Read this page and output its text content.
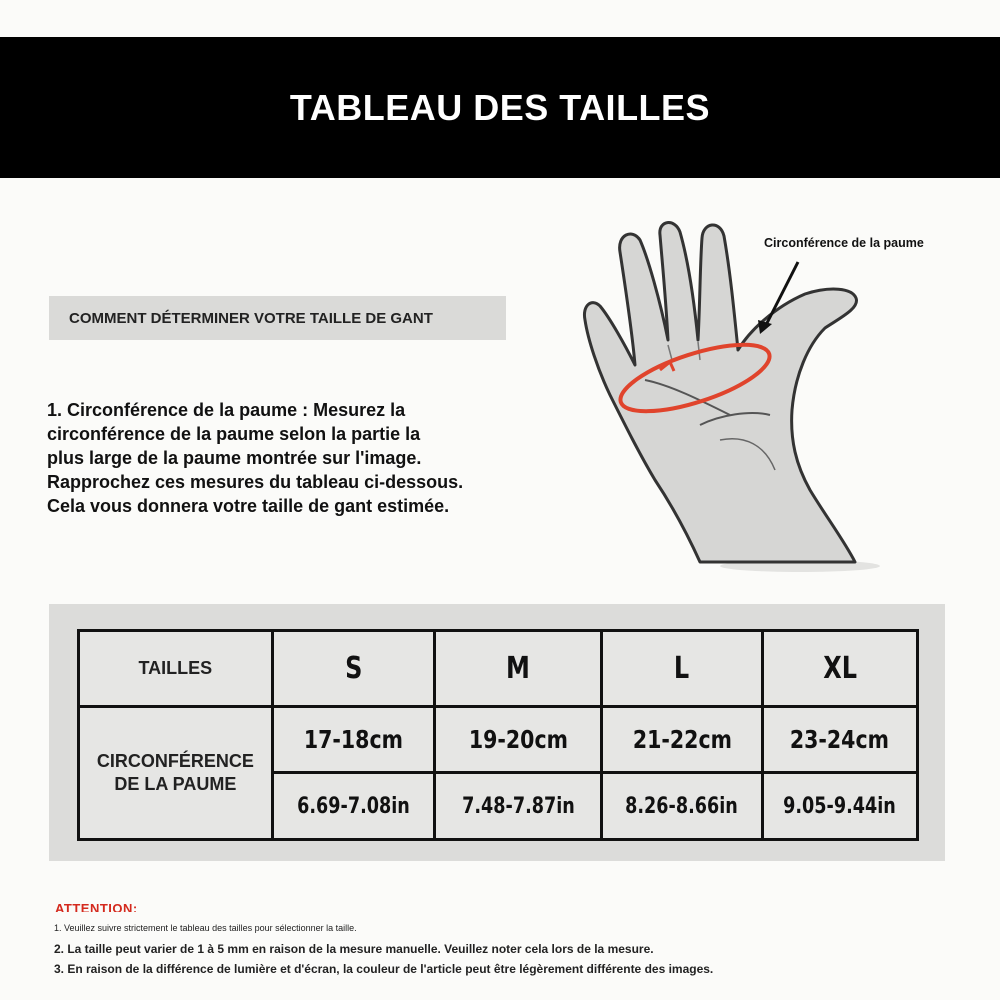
TABLEAU DES TAILLES
COMMENT DÉTERMINER VOTRE TAILLE DE GANT
1. Circonférence de la paume : Mesurez la
circonférence de la paume selon la partie la
plus large de la paume montrée sur l'image.
Rapprochez ces mesures du tableau ci-dessous.
Cela vous donnera votre taille de gant estimée.
Circonférence de la paume
TAILLES	S	M	L	XL

CIRCONFÉRENCE
DE LA PAUME	17-18cm	19-20cm	21-22cm	23-24cm
	6.69-7.08in	7.48-7.87in	8.26-8.66in	9.05-9.44in
ATTENTION:
1. Veuillez suivre strictement le tableau des tailles pour sélectionner la taille.
2. La taille peut varier de 1 à 5 mm en raison de la mesure manuelle. Veuillez noter cela lors de la mesure.
3. En raison de la différence de lumière et d'écran, la couleur de l'article peut être légèrement différente des images.
